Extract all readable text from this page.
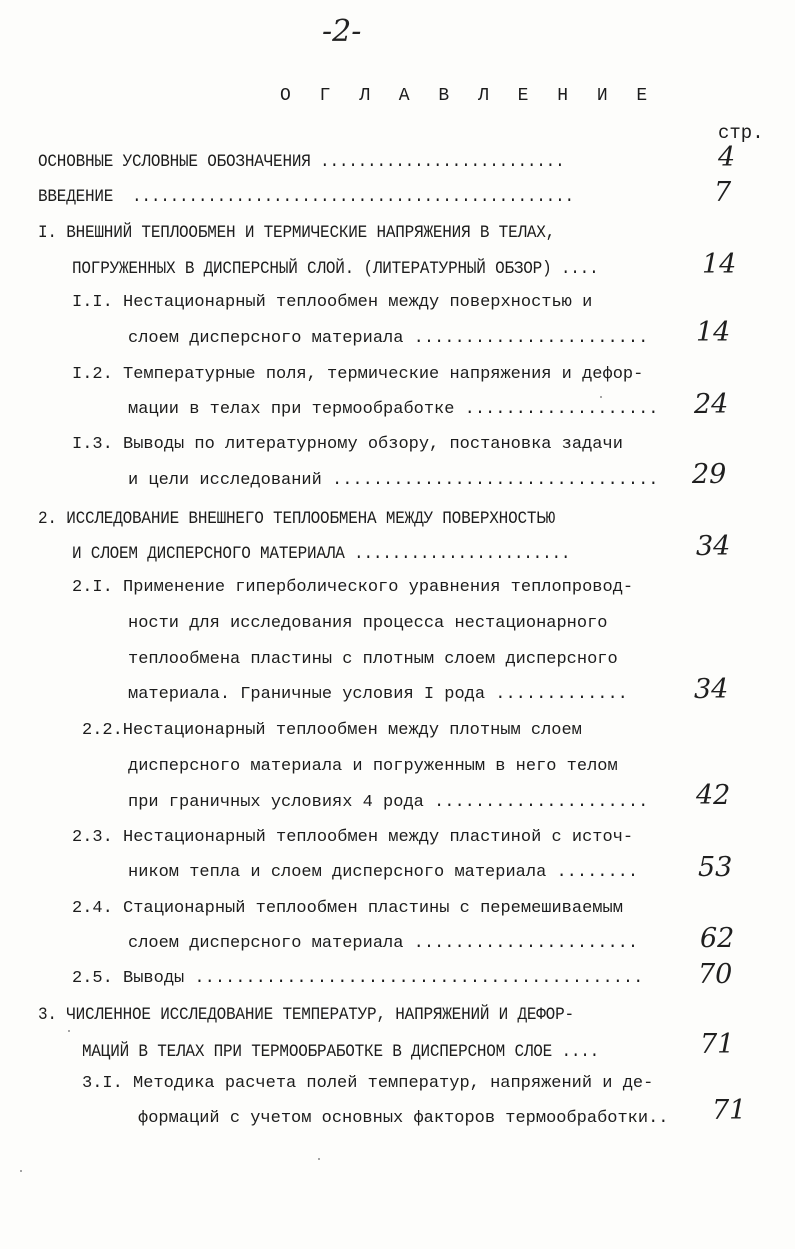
-2-
О Г Л А В Л Е Н И Е
стр.
ОСНОВНЫЕ УСЛОВНЫЕ ОБОЗНАЧЕНИЯ ..........................	4
ВВЕДЕНИЕ  ...............................................	7
I. ВНЕШНИЙ ТЕПЛООБМЕН И ТЕРМИЧЕСКИЕ НАПРЯЖЕНИЯ В ТЕЛАХ,
ПОГРУЖЕННЫХ В ДИСПЕРСНЫЙ СЛОЙ. (ЛИТЕРАТУРНЫЙ ОБЗОР) ....	14
I.I. Нестационарный теплообмен между поверхностью и
слоем дисперсного материала ....................... 14
I.2. Температурные поля, термические напряжения и дефор-
мации в телах при термообработке ................... 24
I.3. Выводы по литературному обзору, постановка задачи
и цели исследований ................................ 29
2. ИССЛЕДОВАНИЕ ВНЕШНЕГО ТЕПЛООБМЕНА МЕЖДУ ПОВЕРХНОСТЬЮ
И СЛОЕМ ДИСПЕРСНОГО МАТЕРИАЛА .......................	34
2.I. Применение гиперболического уравнения теплопровод-
ности для исследования процесса нестационарного
теплообмена пластины с плотным слоем дисперсного
материала. Граничные условия I рода ............. 34
2.2.Нестационарный теплообмен между плотным слоем
дисперсного материала и погруженным в него телом
при граничных условиях 4 рода ..................... 42
2.3. Нестационарный теплообмен между пластиной с источ-
ником тепла и слоем дисперсного материала ........ 53
2.4. Стационарный теплообмен пластины с перемешиваемым
слоем дисперсного материала ...................... 62
2.5. Выводы ............................................ 70
3. ЧИСЛЕННОЕ ИССЛЕДОВАНИЕ ТЕМПЕРАТУР, НАПРЯЖЕНИЙ И ДЕФОР-
МАЦИЙ В ТЕЛАХ ПРИ ТЕРМООБРАБОТКЕ В ДИСПЕРСНОМ СЛОЕ ....	71
3.I. Методика расчета полей температур, напряжений и де-
формаций с учетом основных факторов термообработки.. 71
